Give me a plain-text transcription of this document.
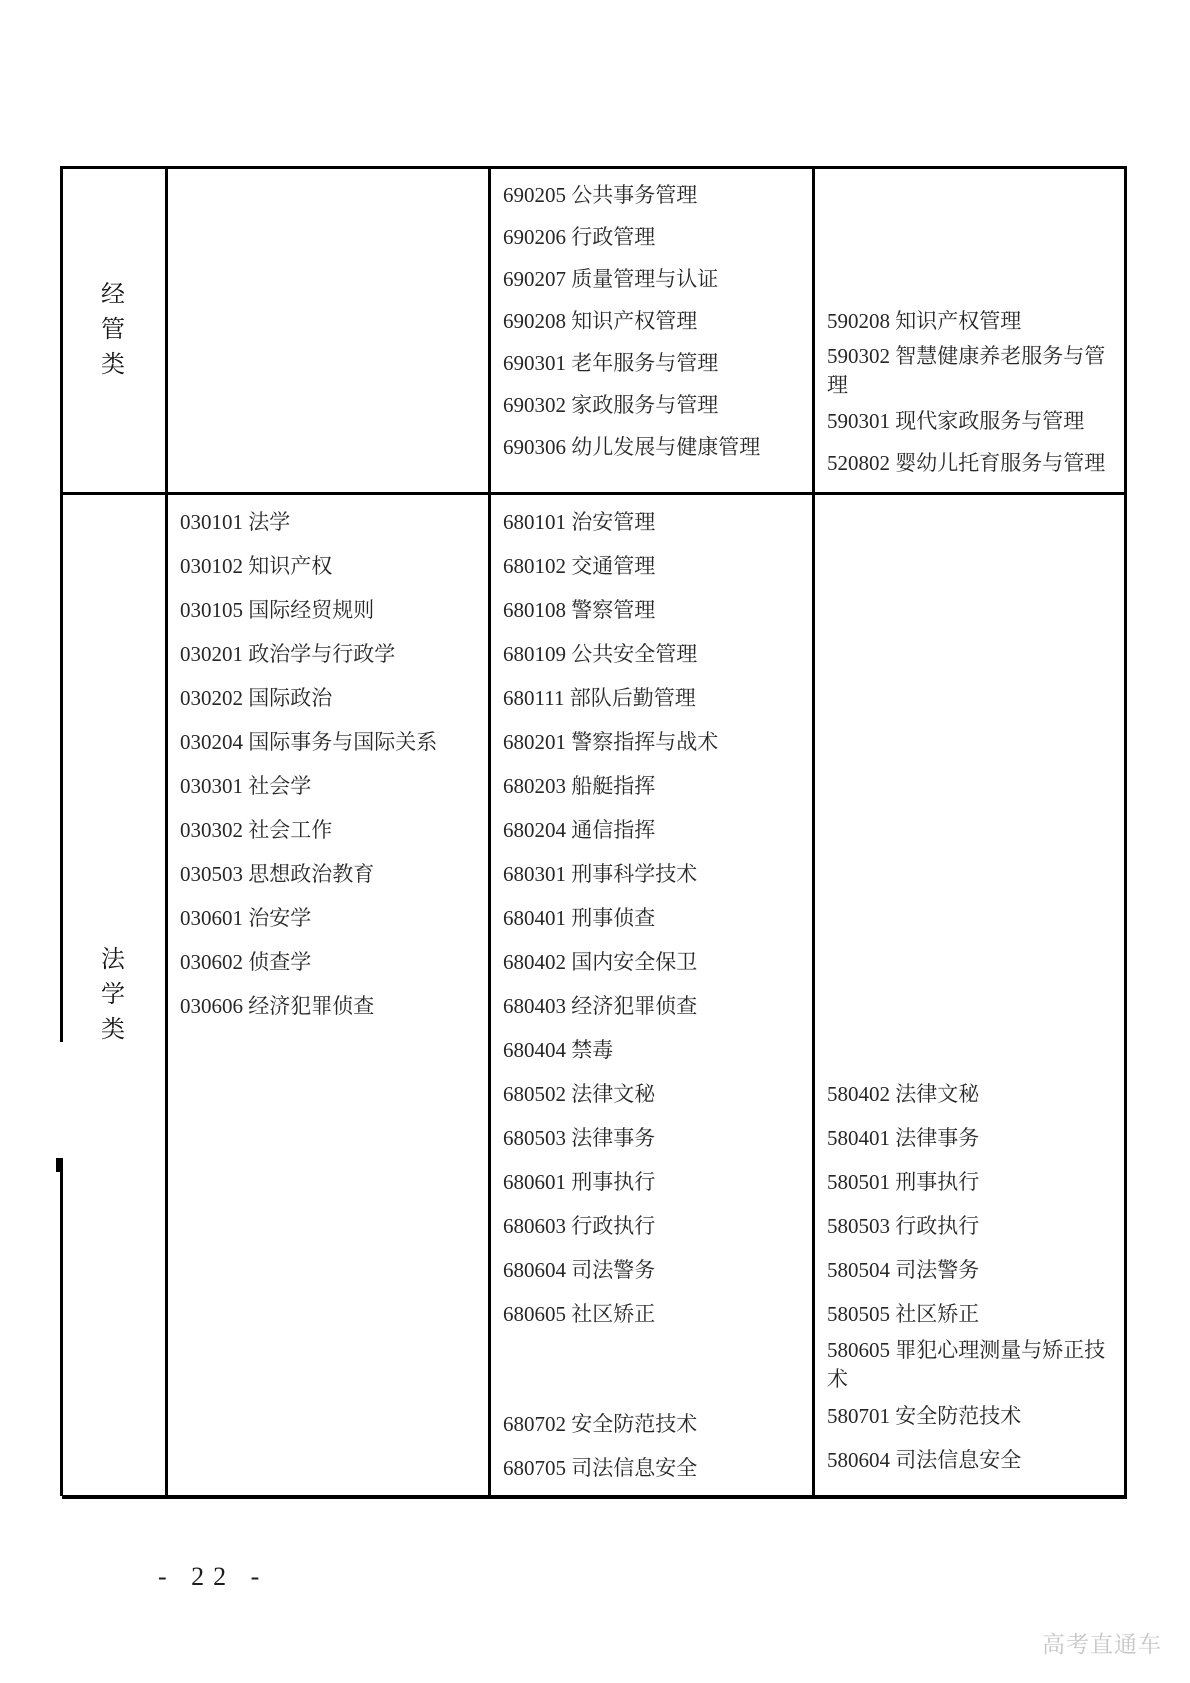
经管类
690205 公共事务管理
690206 行政管理
690207 质量管理与认证
690208 知识产权管理
690301 老年服务与管理
690302 家政服务与管理
690306 幼儿发展与健康管理

590208 知识产权管理
590302 智慧健康养老服务与管理
590301 现代家政服务与管理
520802 婴幼儿托育服务与管理
法学类
030101 法学
030102 知识产权
030105 国际经贸规则
030201 政治学与行政学
030202 国际政治
030204 国际事务与国际关系
030301 社会学
030302 社会工作
030503 思想政治教育
030601 治安学
030602 侦查学
030606 经济犯罪侦查
680101 治安管理
680102 交通管理
680108 警察管理
680109 公共安全管理
680111 部队后勤管理
680201 警察指挥与战术
680203 船艇指挥
680204 通信指挥
680301 刑事科学技术
680401 刑事侦查
680402 国内安全保卫
680403 经济犯罪侦查
680404 禁毒
680502 法律文秘
680503 法律事务
680601 刑事执行
680603 行政执行
680604 司法警务
680605 社区矫正

680702 安全防范技术
680705 司法信息安全

580402 法律文秘
580401 法律事务
580501 刑事执行
580503 行政执行
580504 司法警务
580505 社区矫正
580605 罪犯心理测量与矫正技术
580701 安全防范技术
580604 司法信息安全
- 22 -
高考直通车
